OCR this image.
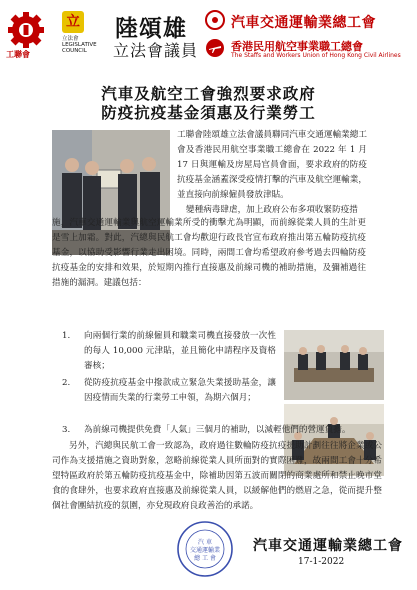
工聯會
立
立法會
LEGISLATIVE
COUNCIL
陸頌雄
立法會議員
汽車交通運輸業總工會
香港民用航空事業職工總會
The Staffs and Workers Union of Hong Kong Civil Airlines
汽車及航空工會強烈要求政府
防疫抗疫基金須惠及行業勞工
工聯會陸頌雄立法會議員聯同汽車交通運輸業總工會及香港民用航空事業職工總會在 2022 年 1 月 17 日與運輸及房屋局官員會面，要求政府的防疫抗疫基金涵蓋深受疫情打擊的汽車及航空運輸業，並直接向前線僱員發放津貼。
變種病毒肆虐，加上政府公布多項收緊防疫措
施，汽車交通運輸業與航空運輸業所受的衝擊尤為明顯，而前線從業人員的生計更是雪上加霜。對此，汽總與民航工會均歡迎行政長官宣布政府推出第五輪防疫抗疫基金，以協助受影響行業走出困境。同時，兩間工會均希望政府參考過去四輪防疫抗疫基金的安排和效果，於短期內推行直接惠及前線司機的補助措施，及彌補過往措施的漏洞。建議包括：
1. 向兩個行業的前線僱員和職業司機直接發放一次性的每人 10,000 元津貼，並且簡化申請程序及資格審核；
2. 從防疫抗疫基金中撥款成立緊急失業援助基金，讓因疫情而失業的行業勞工申領，為期六個月；
3. 為前線司機提供免費「人氣」三個月的補助，以減輕他們的營運負擔。
另外，汽總與民航工會一致認為，政府過往數輪防疫抗疫援助計劃往往將企業或公司作為支援措施之資助對象，忽略前線從業人員所面對的實際困難，故兩間工會十分希望特區政府於第五輪防疫抗疫基金中，除補助因第五波而關閉的商業處所和禁止晚市堂食的食肆外，也要求政府直接惠及前線從業人員，以緩解他們的燃眉之急，從而提升整個社會團結抗疫的氛圍，亦兌現政府良政善治的承諾。
汽 車
交通運輸業
總 工 會
汽車交通運輸業總工會
17-1-2022
